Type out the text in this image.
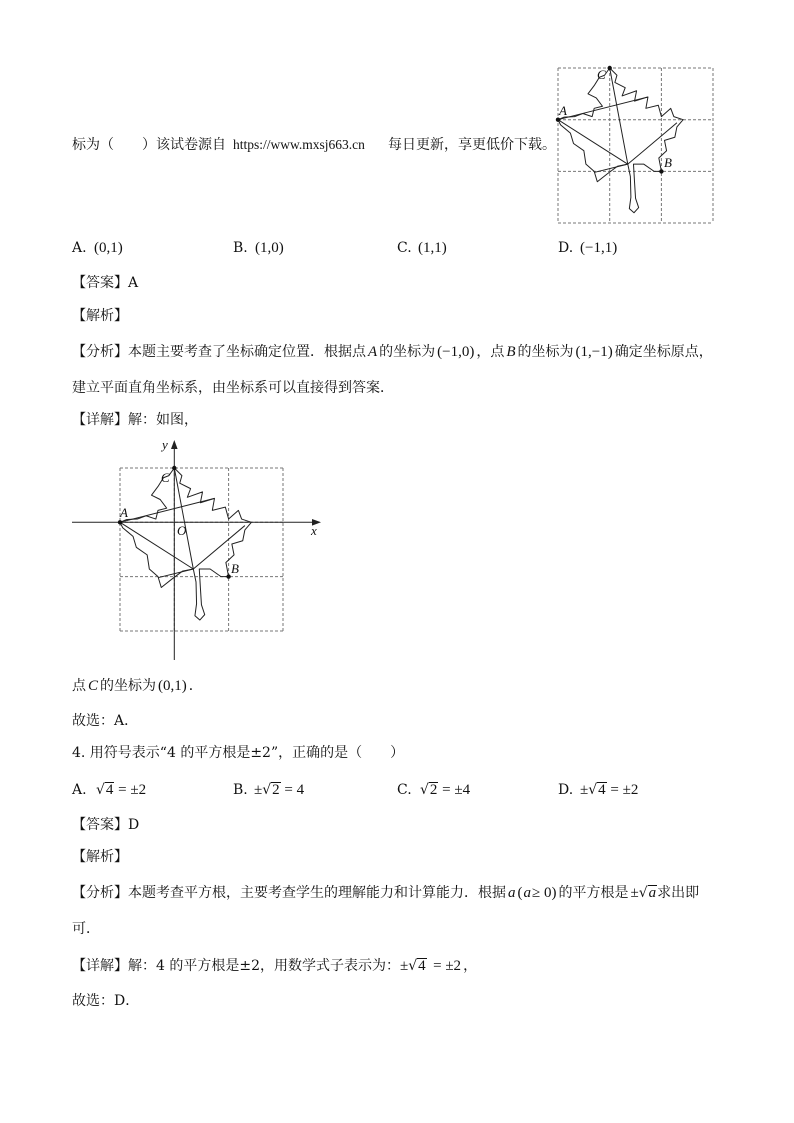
标为（　　）该试卷源自 https://www.mxsj663.cn 每日更新，享更低价下载。
C
A
B
A. (0,1)	B. (1,0)	C. (1,1)	D. (−1,1)
【答案】A
【解析】
【分析】本题主要考查了坐标确定位置．根据点 A 的坐标为 (−1,0) ，点 B 的坐标为 (1,−1) 确定坐标原点，
建立平面直角坐标系，由坐标系可以直接得到答案．
【详解】解：如图，
y
x
O
C
A
B
点 C 的坐标为 (0,1) ．
故选：A．
4. 用符号表示“4 的平方根是±2”，正确的是（　　）
A. √4 = ±2	B. ±√2 = 4	C. √2 = ±4	D. ±√4 = ±2
【答案】D
【解析】
【分析】本题考查平方根，主要考查学生的理解能力和计算能力．根据 a (a≥ 0) 的平方根是 ±√a求出即
可．
【详解】解：4 的平方根是±2，用数学式子表示为：±√4 = ±2 ，
故选：D．
